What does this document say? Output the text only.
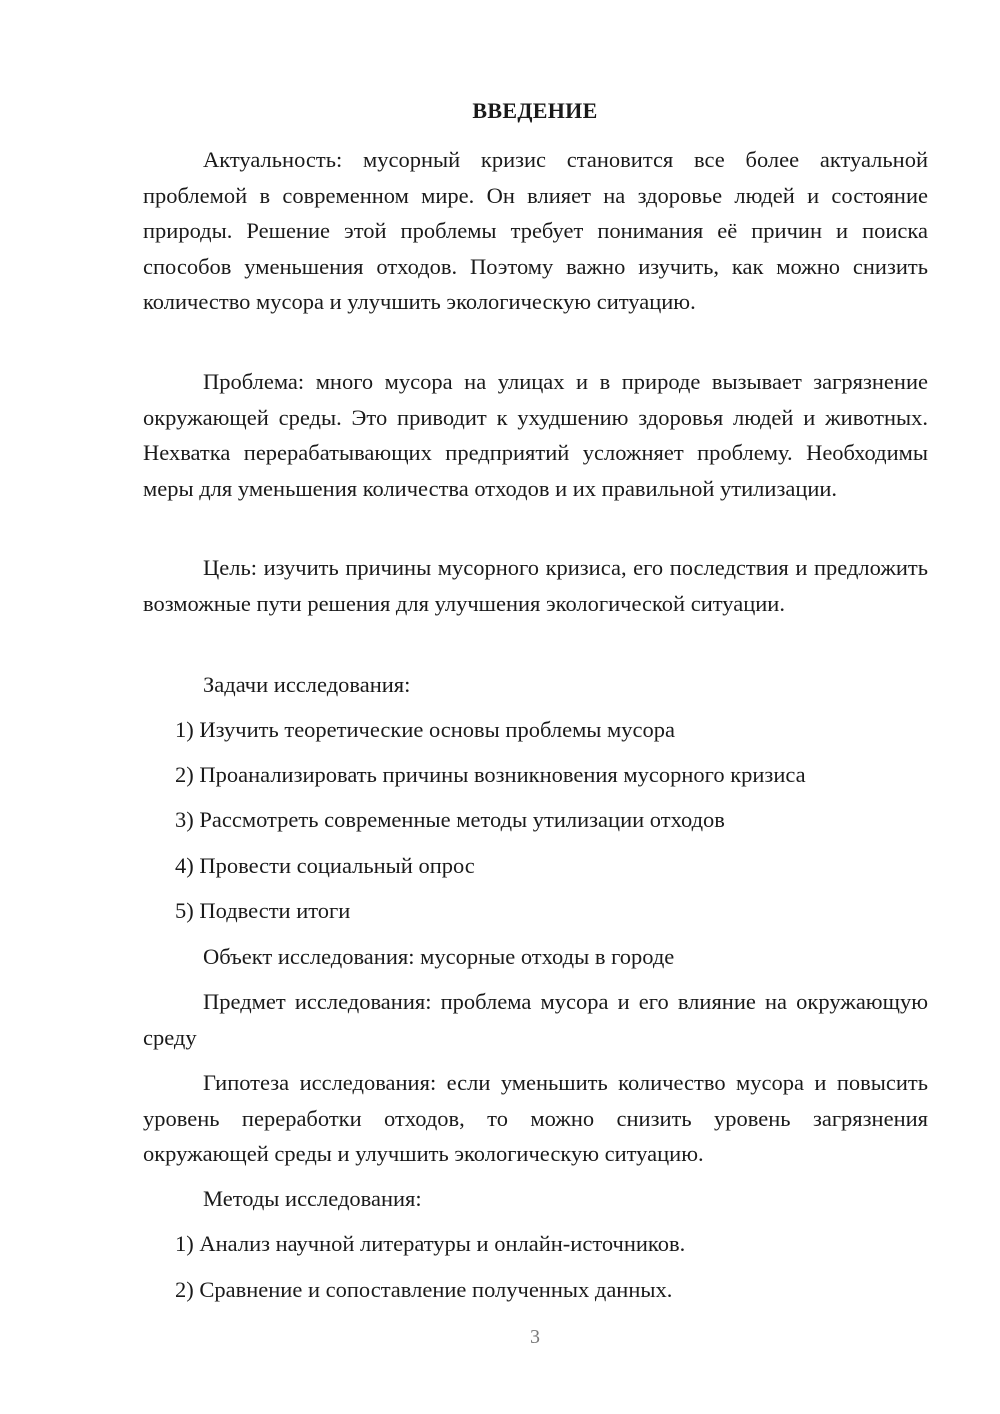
ВВЕДЕНИЕ

Актуальность: мусорный кризис становится все более актуальной проблемой в современном мире. Он влияет на здоровье людей и состояние природы. Решение этой проблемы требует понимания её причин и поиска способов уменьшения отходов. Поэтому важно изучить, как можно снизить количество мусора и улучшить экологическую ситуацию.

Проблема: много мусора на улицах и в природе вызывает загрязнение окружающей среды. Это приводит к ухудшению здоровья людей и животных. Нехватка перерабатывающих предприятий усложняет проблему. Необходимы меры для уменьшения количества отходов и их правильной утилизации.

Цель: изучить причины мусорного кризиса, его последствия и предложить возможные пути решения для улучшения экологической ситуации.

Задачи исследования:

1) Изучить теоретические основы проблемы мусора

2) Проанализировать причины возникновения мусорного кризиса

3) Рассмотреть современные методы утилизации отходов

4) Провести социальный опрос

5) Подвести итоги

Объект исследования: мусорные отходы в городе

Предмет исследования: проблема мусора и его влияние на окружающую среду

Гипотеза исследования: если уменьшить количество мусора и повысить уровень переработки отходов, то можно снизить уровень загрязнения окружающей среды и улучшить экологическую ситуацию.

Методы исследования:

1) Анализ научной литературы и онлайн-источников.

2) Сравнение и сопоставление полученных данных.

3
